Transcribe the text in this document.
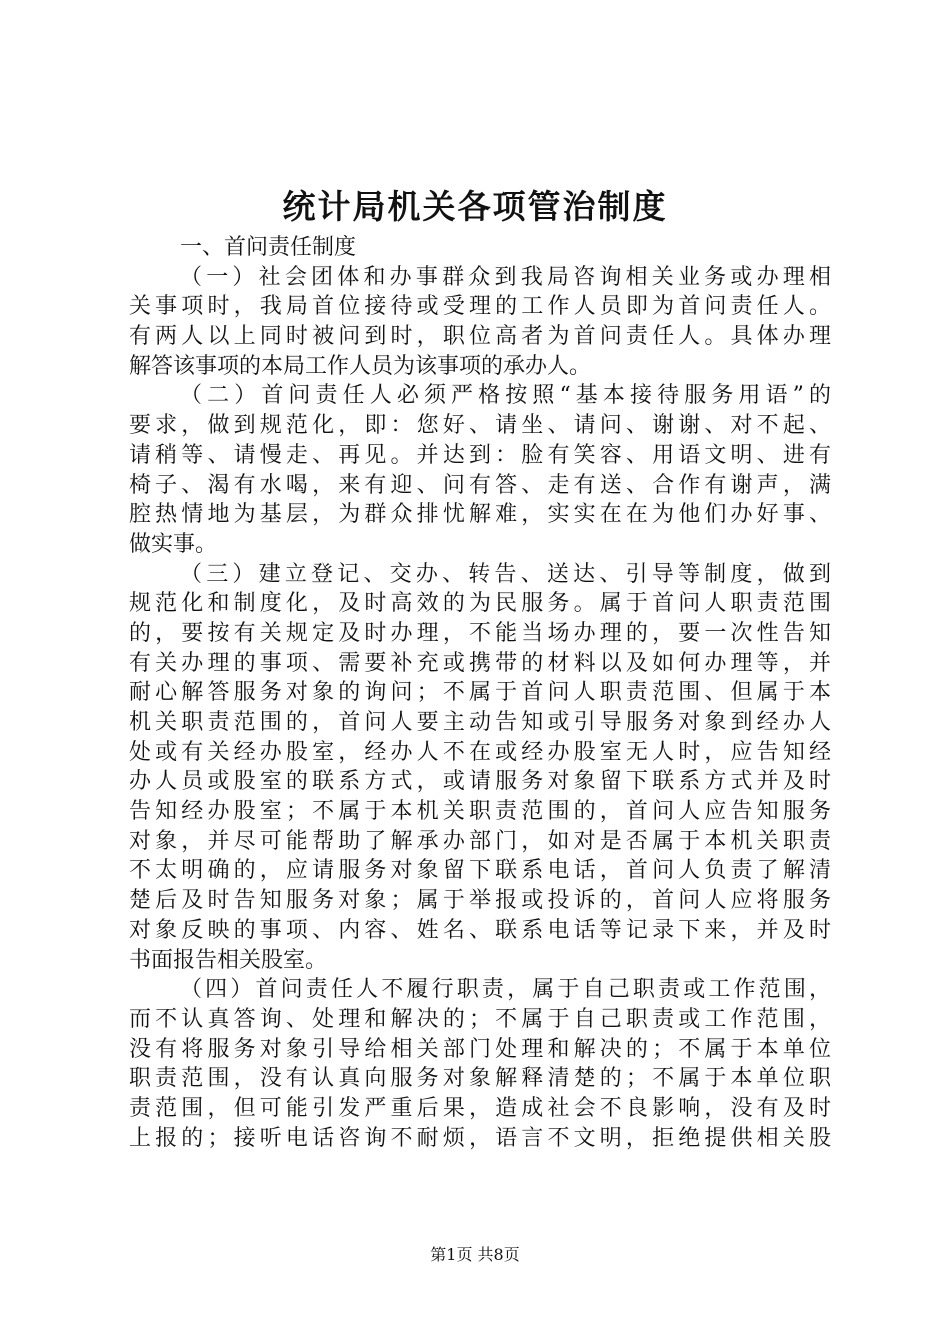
统计局机关各项管治制度
一、首问责任制度
（一）社会团体和办事群众到我局咨询相关业务或办理相
关事项时，我局首位接待或受理的工作人员即为首问责任人。
有两人以上同时被问到时，职位高者为首问责任人。具体办理
解答该事项的本局工作人员为该事项的承办人。
（二）首问责任人必须严格按照“基本接待服务用语”的
要求，做到规范化，即：您好、请坐、请问、谢谢、对不起、
请稍等、请慢走、再见。并达到：脸有笑容、用语文明、进有
椅子、渴有水喝，来有迎、问有答、走有送、合作有谢声，满
腔热情地为基层，为群众排忧解难，实实在在为他们办好事、
做实事。
（三）建立登记、交办、转告、送达、引导等制度，做到
规范化和制度化，及时高效的为民服务。属于首问人职责范围
的，要按有关规定及时办理，不能当场办理的，要一次性告知
有关办理的事项、需要补充或携带的材料以及如何办理等，并
耐心解答服务对象的询问；不属于首问人职责范围、但属于本
机关职责范围的，首问人要主动告知或引导服务对象到经办人
处或有关经办股室，经办人不在或经办股室无人时，应告知经
办人员或股室的联系方式，或请服务对象留下联系方式并及时
告知经办股室；不属于本机关职责范围的，首问人应告知服务
对象，并尽可能帮助了解承办部门，如对是否属于本机关职责
不太明确的，应请服务对象留下联系电话，首问人负责了解清
楚后及时告知服务对象；属于举报或投诉的，首问人应将服务
对象反映的事项、内容、姓名、联系电话等记录下来，并及时
书面报告相关股室。
（四）首问责任人不履行职责，属于自己职责或工作范围，
而不认真答询、处理和解决的；不属于自己职责或工作范围，
没有将服务对象引导给相关部门处理和解决的；不属于本单位
职责范围，没有认真向服务对象解释清楚的；不属于本单位职
责范围，但可能引发严重后果，造成社会不良影响，没有及时
上报的；接听电话咨询不耐烦，语言不文明，拒绝提供相关股
第1页 共8页
